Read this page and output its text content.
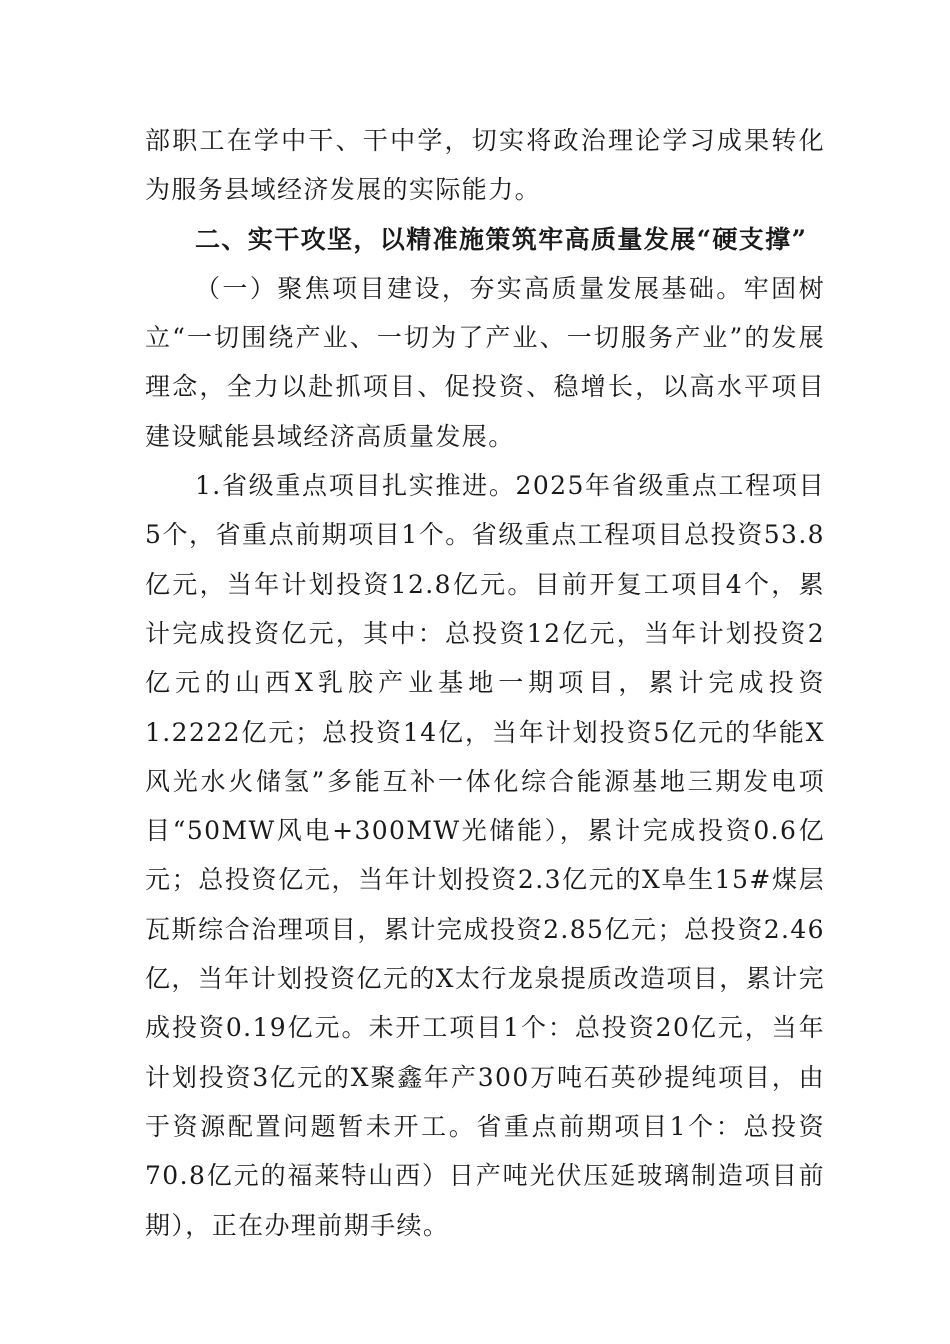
部职工在学中干、干中学，切实将政治理论学习成果转化为服务县域经济发展的实际能力。

二、实干攻坚，以精准施策筑牢高质量发展“硬支撑”

（一）聚焦项目建设，夯实高质量发展基础。牢固树立“一切围绕产业、一切为了产业、一切服务产业”的发展理念，全力以赴抓项目、促投资、稳增长，以高水平项目建设赋能县域经济高质量发展。

1.省级重点项目扎实推进。2025年省级重点工程项目5个，省重点前期项目1个。省级重点工程项目总投资53.8亿元，当年计划投资12.8亿元。目前开复工项目4个，累计完成投资亿元，其中：总投资12亿元，当年计划投资2亿元的山西X乳胶产业基地一期项目，累计完成投资1.2222亿元；总投资14亿，当年计划投资5亿元的华能X风光水火储氢”多能互补一体化综合能源基地三期发电项目“50MW风电+300MW光储能），累计完成投资0.6亿元；总投资亿元，当年计划投资2.3亿元的X阜生15#煤层瓦斯综合治理项目，累计完成投资2.85亿元；总投资2.46亿，当年计划投资亿元的X太行龙泉提质改造项目，累计完成投资0.19亿元。未开工项目1个：总投资20亿元，当年计划投资3亿元的X聚鑫年产300万吨石英砂提纯项目，由于资源配置问题暂未开工。省重点前期项目1个：总投资70.8亿元的福莱特山西）日产吨光伏压延玻璃制造项目前期），正在办理前期手续。
